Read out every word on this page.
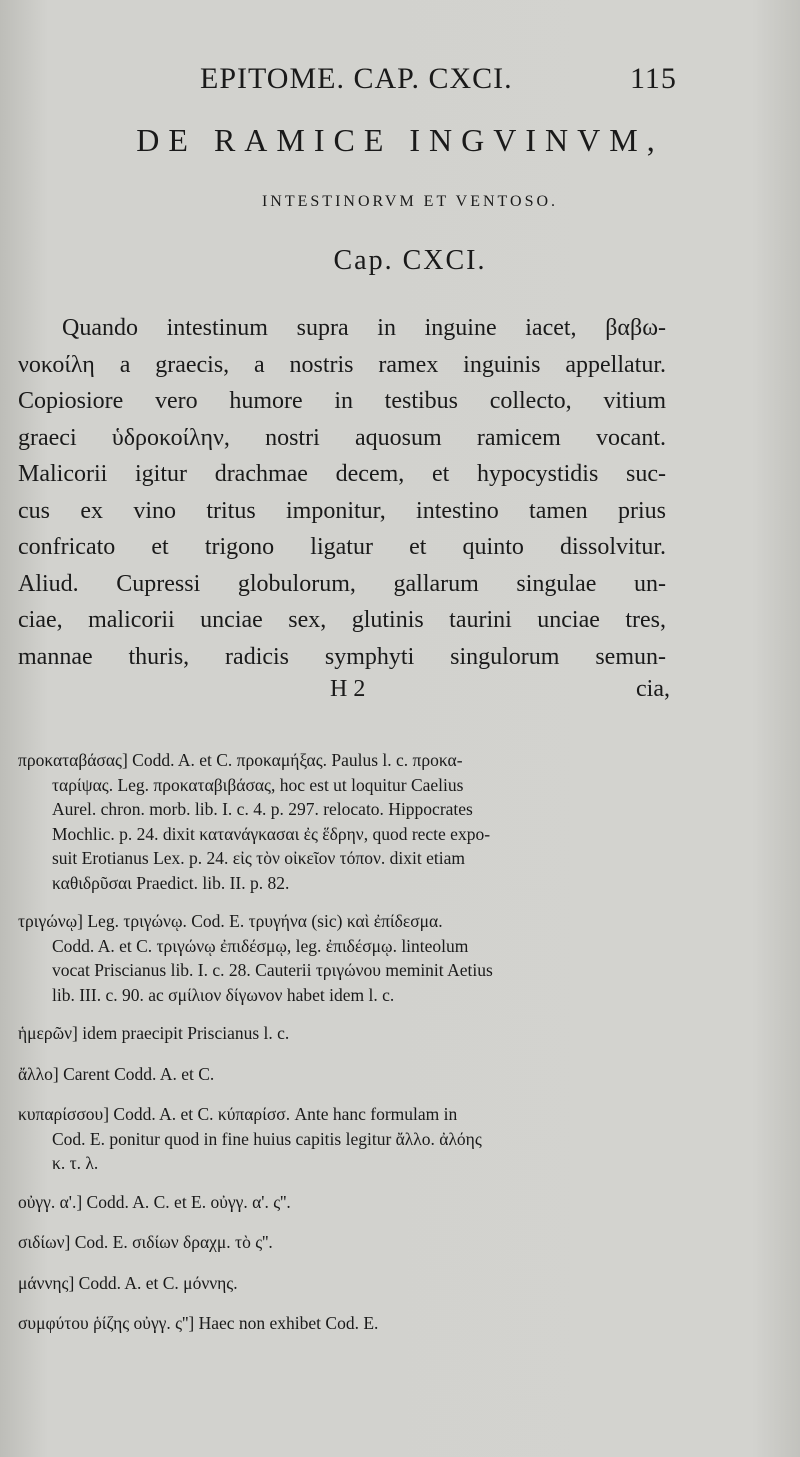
EPITOME. CAP. CXCI.	115
DE RAMICE INGVINVM,
INTESTINORVM ET VENTOSO.
Cap. CXCI.
Quando intestinum supra in inguine iacet, βαβω-
νοκοίλη a graecis, a nostris ramex inguinis appellatur.
Copiosiore vero humore in testibus collecto, vitium
graeci ὑδροκοίλην, nostri aquosum ramicem vocant.
Malicorii igitur drachmae decem, et hypocystidis suc-
cus ex vino tritus imponitur, intestino tamen prius
confricato et trigono ligatur et quinto dissolvitur.
Aliud. Cupressi globulorum, gallarum singulae un-
ciae, malicorii unciae sex, glutinis taurini unciae tres,
mannae thuris, radicis symphyti singulorum semun-
H 2	cia,
πρoκαταβάσας] Codd. A. et C. προκαμήξας. Paulus l. c. προκα-
ταρίψας. Leg. προκαταβιβάσας, hoc est ut loquitur Caelius
Aurel. chron. morb. lib. I. c. 4. p. 297. relocato. Hippocrates
Mochlic. p. 24. dixit κατανάγκασαι ἐς ἕδρην, quod recte expo-
suit Erotianus Lex. p. 24. εἰς τὸν οἰκεῖον τόπον. dixit etiam
καθιδρῦσαι Praedict. lib. II. p. 82.
τριγώνῳ] Leg. τριγώνῳ. Cod. E. τρυγήνα (sic) καὶ ἐπίδεσμα.
Codd. A. et C. τριγώνῳ ἐπιδέσμῳ, leg. ἐπιδέσμῳ. linteolum
vocat Priscianus lib. I. c. 28. Cauterii τριγώνου meminit Aetius
lib. III. c. 90. ac σμίλιον δίγωνον habet idem l. c.
ἡμερῶν] idem praecipit Priscianus l. c.
ἄλλο] Carent Codd. A. et C.
κυπαρίσσου] Codd. A. et C. κύπαρίσσ. Ante hanc formulam in
Cod. E. ponitur quod in fine huius capitis legitur ἄλλο. ἀλόης
κ. τ. λ.
οὐγγ. α'.] Codd. A. C. et E. οὐγγ. α'. ς''.
σιδίων] Cod. E. σιδίων δραχμ. τὸ ς''.
μάννης] Codd. A. et C. μόννης.
συμφύτου ῥίζης οὐγγ. ς''] Haec non exhibet Cod. E.
